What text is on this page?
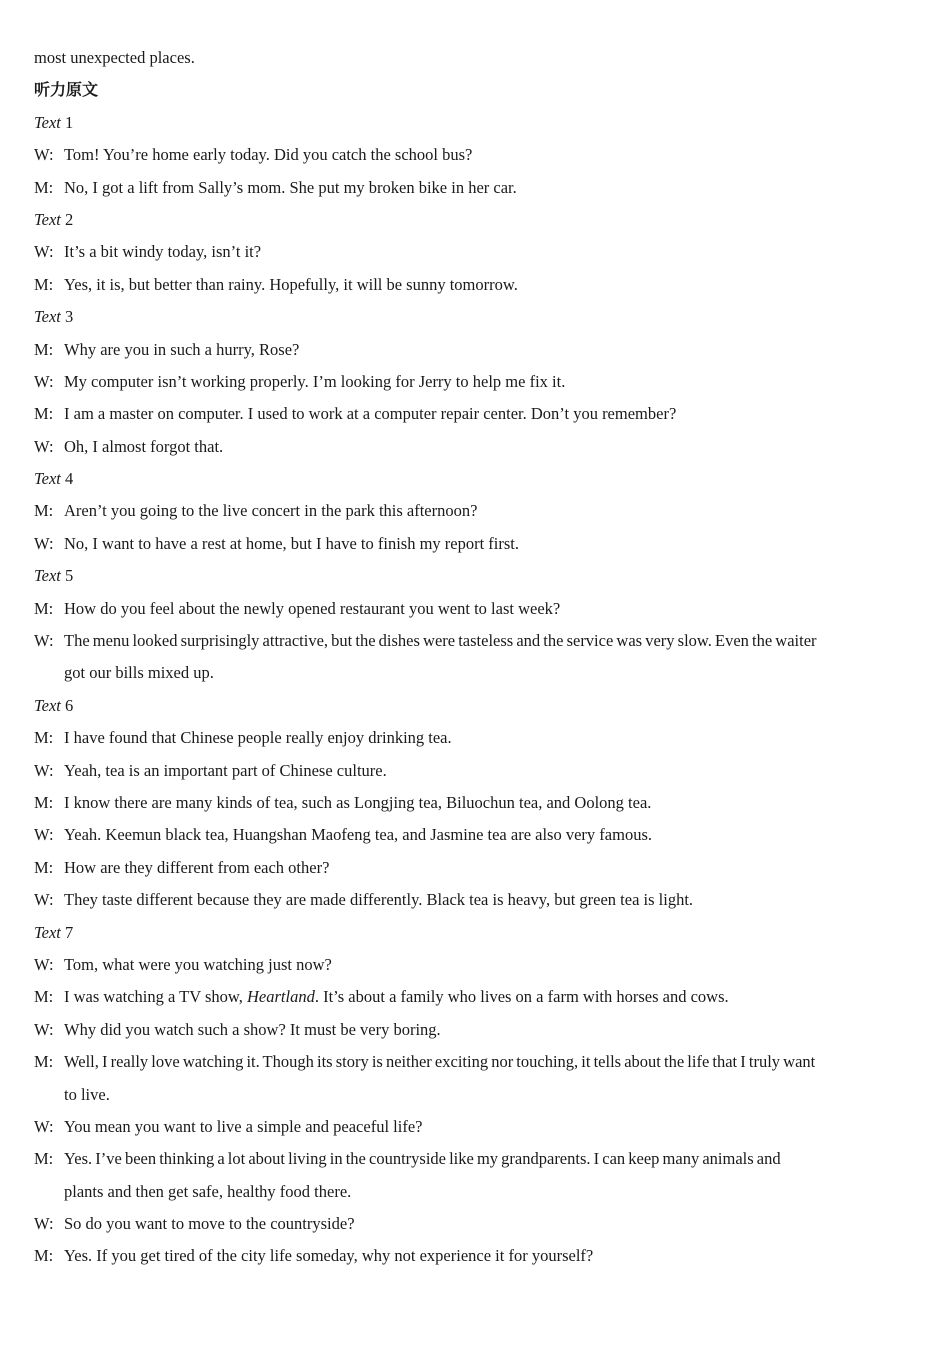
most unexpected places.
听力原文
Text 1
W: Tom! You’re home early today. Did you catch the school bus?
M: No, I got a lift from Sally’s mom. She put my broken bike in her car.
Text 2
W: It’s a bit windy today, isn’t it?
M: Yes, it is, but better than rainy. Hopefully, it will be sunny tomorrow.
Text 3
M: Why are you in such a hurry, Rose?
W: My computer isn’t working properly. I’m looking for Jerry to help me fix it.
M: I am a master on computer. I used to work at a computer repair center. Don’t you remember?
W: Oh, I almost forgot that.
Text 4
M: Aren’t you going to the live concert in the park this afternoon?
W: No, I want to have a rest at home, but I have to finish my report first.
Text 5
M: How do you feel about the newly opened restaurant you went to last week?
W: The menu looked surprisingly attractive, but the dishes were tasteless and the service was very slow. Even the waiter
got our bills mixed up.
Text 6
M: I have found that Chinese people really enjoy drinking tea.
W: Yeah, tea is an important part of Chinese culture.
M: I know there are many kinds of tea, such as Longjing tea, Biluochun tea, and Oolong tea.
W: Yeah. Keemun black tea, Huangshan Maofeng tea, and Jasmine tea are also very famous.
M: How are they different from each other?
W: They taste different because they are made differently. Black tea is heavy, but green tea is light.
Text 7
W: Tom, what were you watching just now?
M: I was watching a TV show, Heartland. It’s about a family who lives on a farm with horses and cows.
W: Why did you watch such a show? It must be very boring.
M: Well, I really love watching it. Though its story is neither exciting nor touching, it tells about the life that I truly want
to live.
W: You mean you want to live a simple and peaceful life?
M: Yes. I’ve been thinking a lot about living in the countryside like my grandparents. I can keep many animals and
plants and then get safe, healthy food there.
W: So do you want to move to the countryside?
M: Yes. If you get tired of the city life someday, why not experience it for yourself?
